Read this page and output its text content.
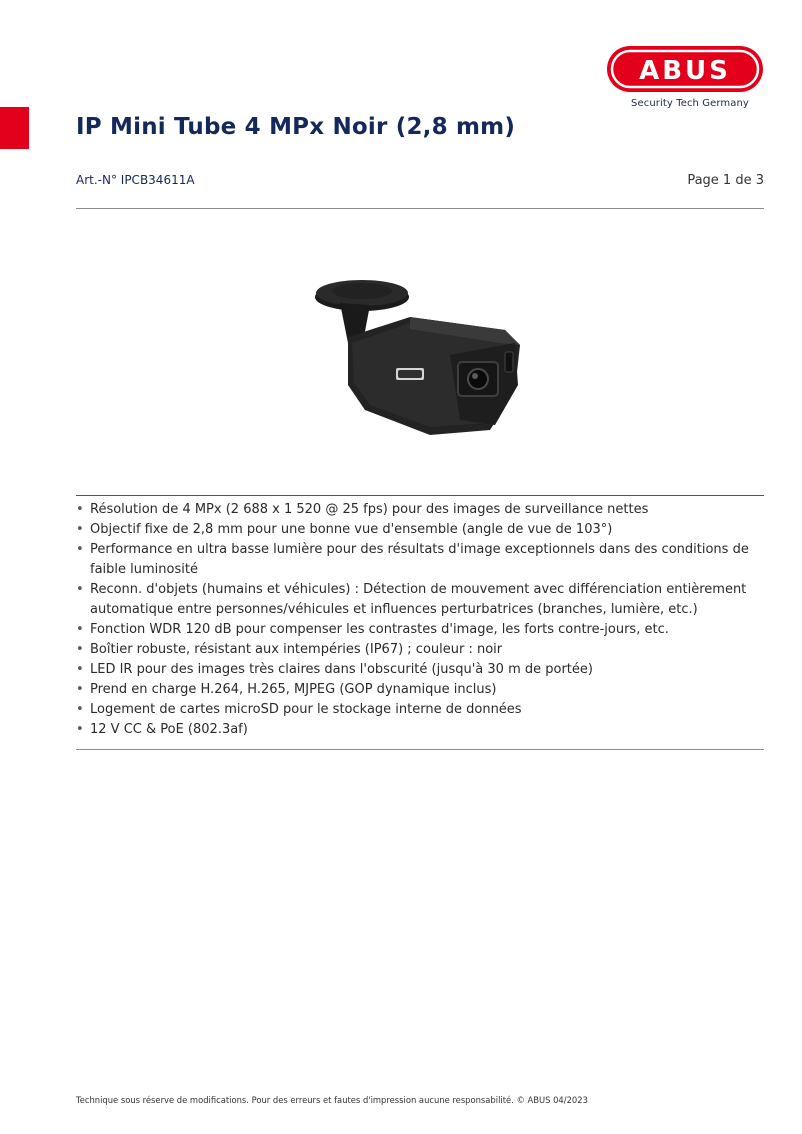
ABUS
Security Tech Germany
IP Mini Tube 4 MPx Noir (2,8 mm)
Art.-N° IPCB34611A	Page 1 de 3
• Résolution de 4 MPx (2 688 x 1 520 @ 25 fps) pour des images de surveillance nettes
• Objectif fixe de 2,8 mm pour une bonne vue d'ensemble (angle de vue de 103°)
• Performance en ultra basse lumière pour des résultats d'image exceptionnels dans des conditions de faible luminosité
• Reconn. d'objets (humains et véhicules) : Détection de mouvement avec différenciation entièrement automatique entre personnes/véhicules et influences perturbatrices (branches, lumière, etc.)
• Fonction WDR 120 dB pour compenser les contrastes d'image, les forts contre-jours, etc.
• Boîtier robuste, résistant aux intempéries (IP67) ; couleur : noir
• LED IR pour des images très claires dans l'obscurité (jusqu'à 30 m de portée)
• Prend en charge H.264, H.265, MJPEG (GOP dynamique inclus)
• Logement de cartes microSD pour le stockage interne de données
• 12 V CC & PoE (802.3af)
Technique sous réserve de modifications. Pour des erreurs et fautes d'impression aucune responsabilité. © ABUS 04/2023
